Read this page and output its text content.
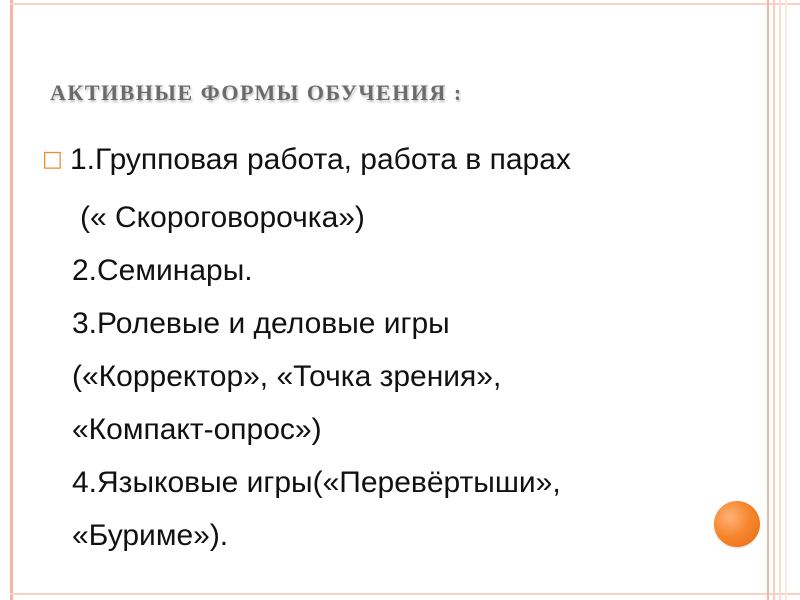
АКТИВНЫЕ ФОРМЫ ОБУЧЕНИЯ :
□ 1.Групповая работа, работа в парах
(« Скороговорочка»)
2.Семинары.
3.Ролевые и деловые игры
(«Корректор», «Точка зрения»,
«Компакт-опрос»)
4.Языковые игры(«Перевёртыши»,
«Буриме»).
